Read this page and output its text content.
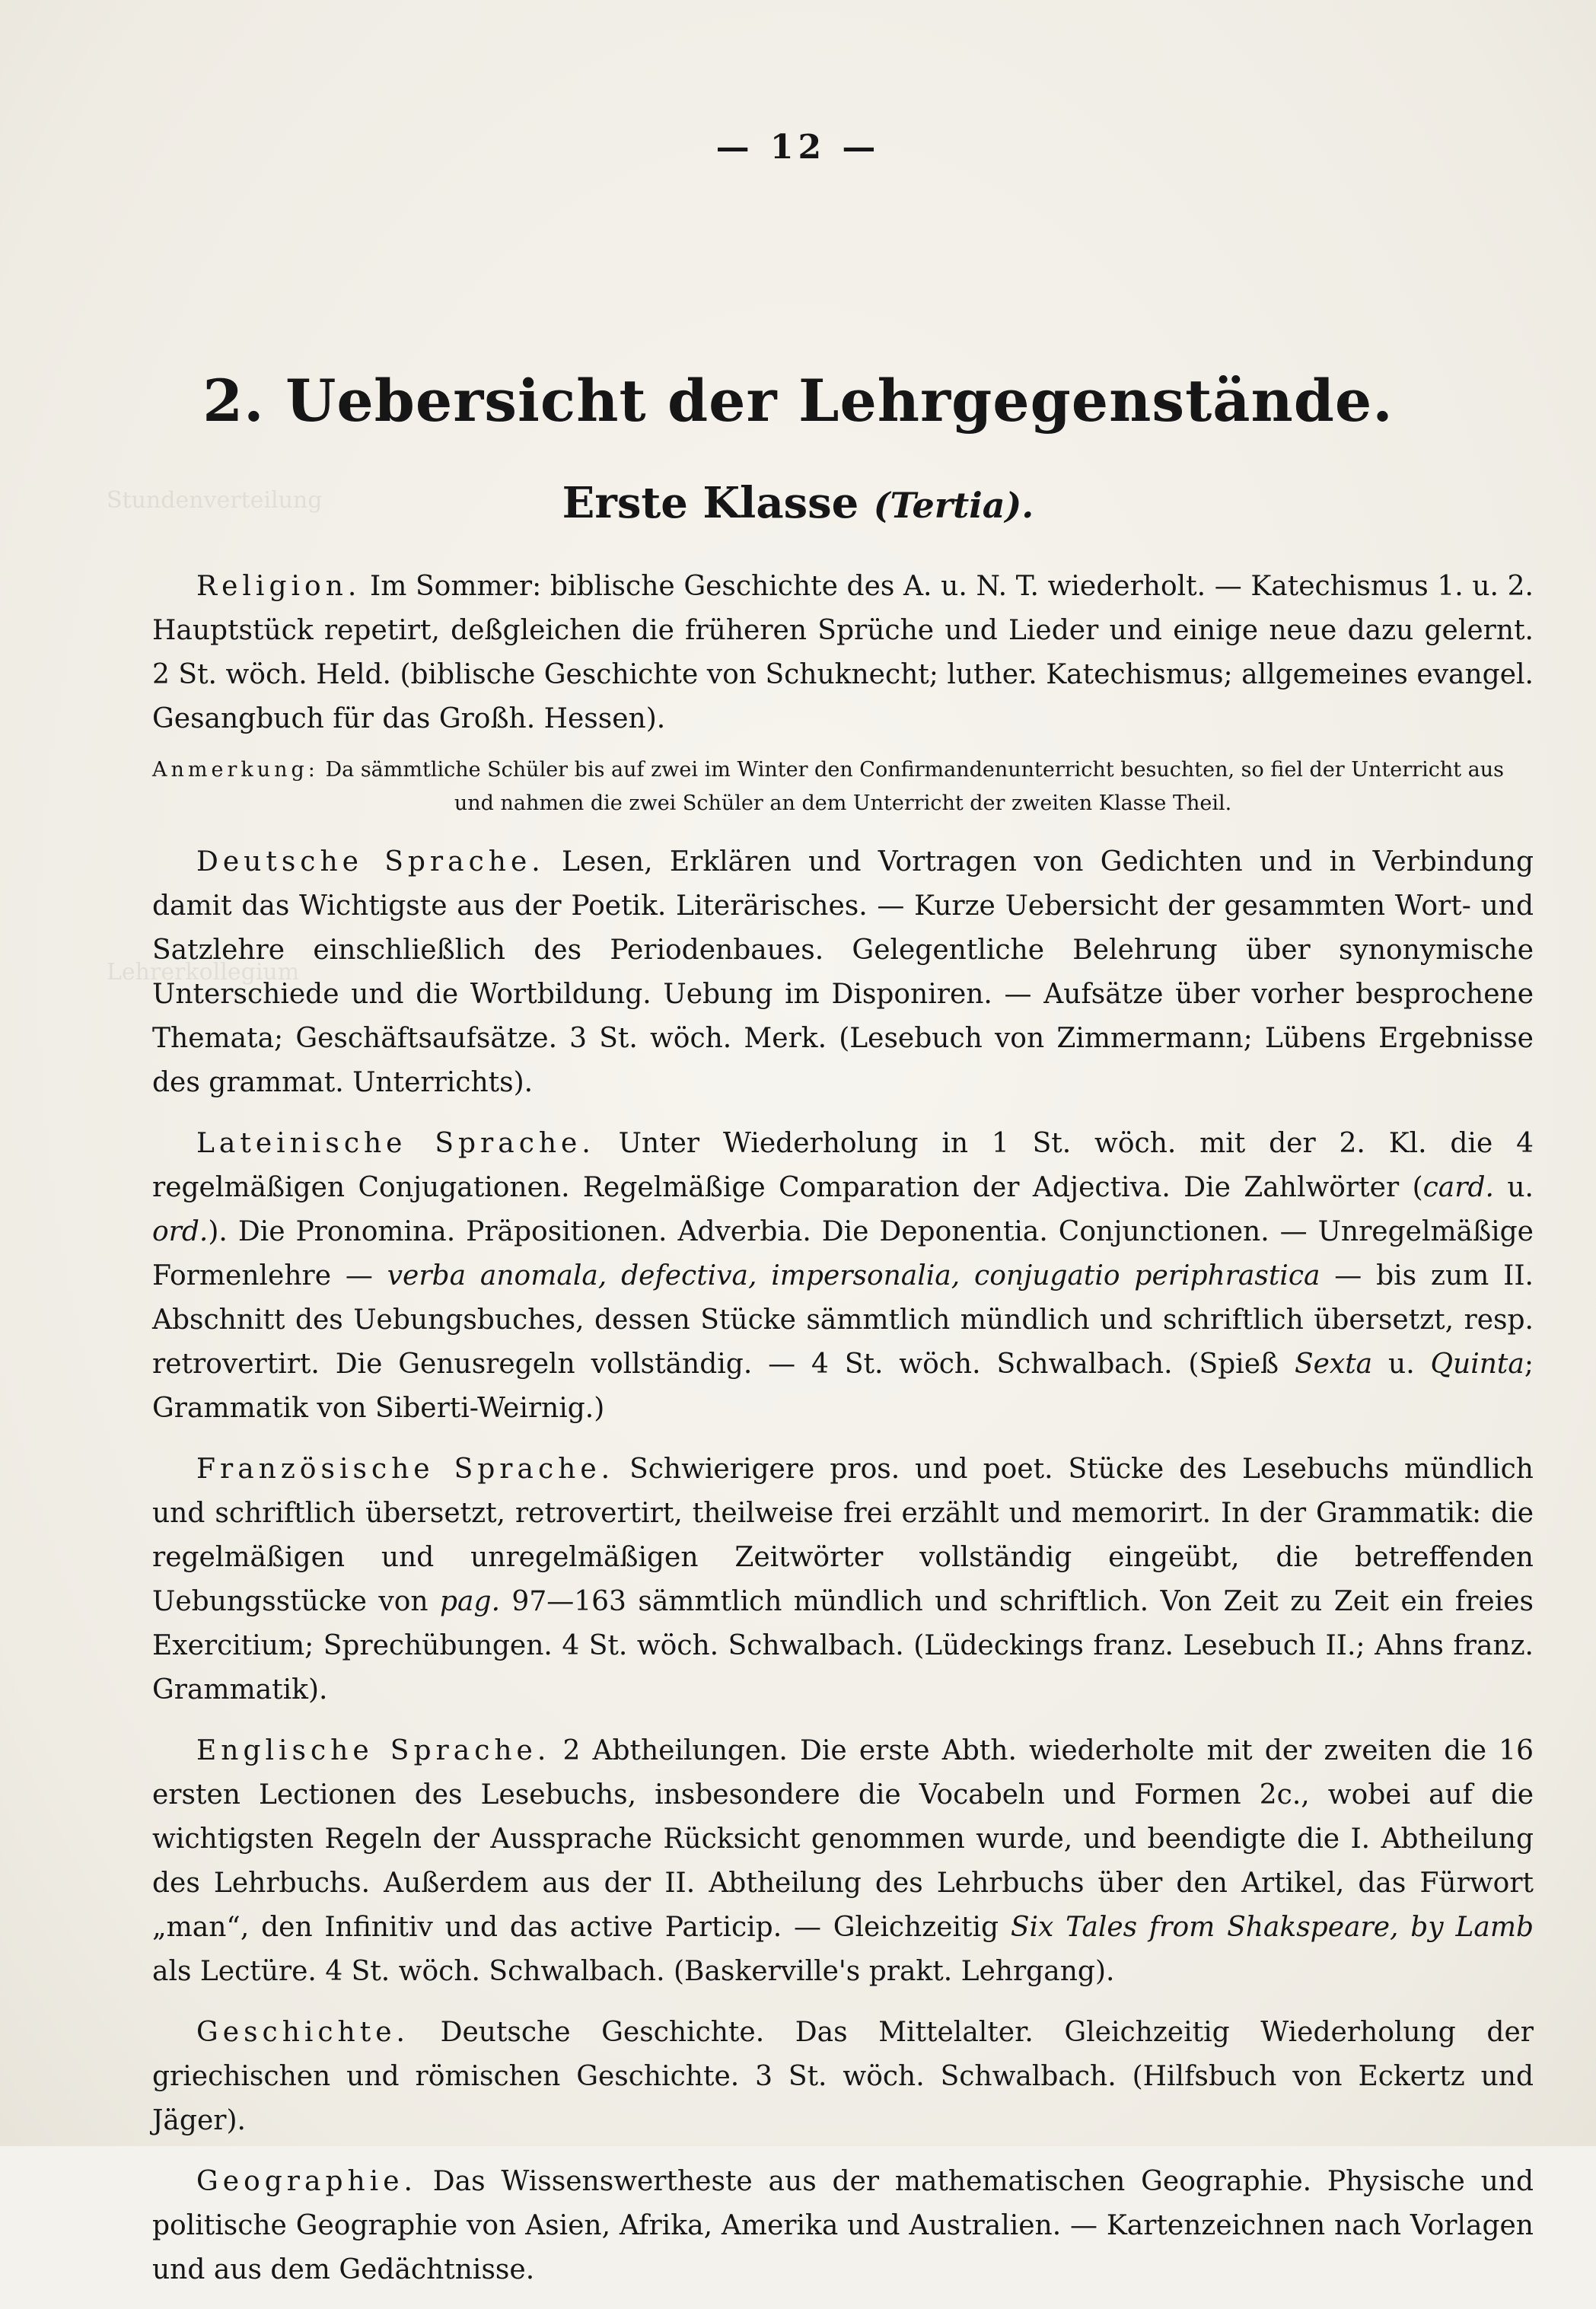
Stundenverteilung
Lehrerkollegium
— 12 —
2. Uebersicht der Lehrgegenstände.
Erste Klasse (Tertia).

Religion. Im Sommer: biblische Geschichte des A. u. N. T. wiederholt. — Katechismus 1. u. 2. Hauptstück repetirt, deßgleichen die früheren Sprüche und Lieder und einige neue dazu gelernt. 2 St. wöch. Held. (biblische Geschichte von Schuknecht; luther. Katechismus; allgemeines evangel. Gesangbuch für das Großh. Hessen).

Anmerkung: Da sämmtliche Schüler bis auf zwei im Winter den Confirmandenunterricht besuchten, so fiel der Unterricht aus
und nahmen die zwei Schüler an dem Unterricht der zweiten Klasse Theil.

Deutsche Sprache. Lesen, Erklären und Vortragen von Gedichten und in Verbindung damit das Wichtigste aus der Poetik. Literärisches. — Kurze Uebersicht der gesammten Wort- und Satzlehre einschließlich des Periodenbaues. Gelegentliche Belehrung über synonymische Unterschiede und die Wortbildung. Uebung im Disponiren. — Aufsätze über vorher besprochene Themata; Geschäftsaufsätze. 3 St. wöch. Merk. (Lesebuch von Zimmermann; Lübens Ergebnisse des grammat. Unterrichts).

Lateinische Sprache. Unter Wiederholung in 1 St. wöch. mit der 2. Kl. die 4 regelmäßigen Conjugationen. Regelmäßige Comparation der Adjectiva. Die Zahlwörter (card. u. ord.). Die Pronomina. Präpositionen. Adverbia. Die Deponentia. Conjunctionen. — Unregelmäßige Formenlehre — verba anomala, defectiva, impersonalia, conjugatio periphrastica — bis zum II. Abschnitt des Uebungsbuches, dessen Stücke sämmtlich mündlich und schriftlich übersetzt, resp. retrovertirt. Die Genusregeln vollständig. — 4 St. wöch. Schwalbach. (Spieß Sexta u. Quinta; Grammatik von Siberti-Weirnig.)

Französische Sprache. Schwierigere pros. und poet. Stücke des Lesebuchs mündlich und schriftlich übersetzt, retrovertirt, theilweise frei erzählt und memorirt. In der Grammatik: die regelmäßigen und unregelmäßigen Zeitwörter vollständig eingeübt, die betreffenden Uebungsstücke von pag. 97—163 sämmtlich mündlich und schriftlich. Von Zeit zu Zeit ein freies Exercitium; Sprechübungen. 4 St. wöch. Schwalbach. (Lüdeckings franz. Lesebuch II.; Ahns franz. Grammatik).

Englische Sprache. 2 Abtheilungen. Die erste Abth. wiederholte mit der zweiten die 16 ersten Lectionen des Lesebuchs, insbesondere die Vocabeln und Formen 2c., wobei auf die wichtigsten Regeln der Aussprache Rücksicht genommen wurde, und beendigte die I. Abtheilung des Lehrbuchs. Außerdem aus der II. Abtheilung des Lehrbuchs über den Artikel, das Fürwort „man“, den Infinitiv und das active Particip. — Gleichzeitig Six Tales from Shakspeare, by Lamb als Lectüre. 4 St. wöch. Schwalbach. (Baskerville's prakt. Lehrgang).

Geschichte. Deutsche Geschichte. Das Mittelalter. Gleichzeitig Wiederholung der griechischen und römischen Geschichte. 3 St. wöch. Schwalbach. (Hilfsbuch von Eckertz und Jäger).

Geographie. Das Wissenswertheste aus der mathematischen Geographie. Physische und politische Geographie von Asien, Afrika, Amerika und Australien. — Kartenzeichnen nach Vorlagen und aus dem Gedächtnisse.
